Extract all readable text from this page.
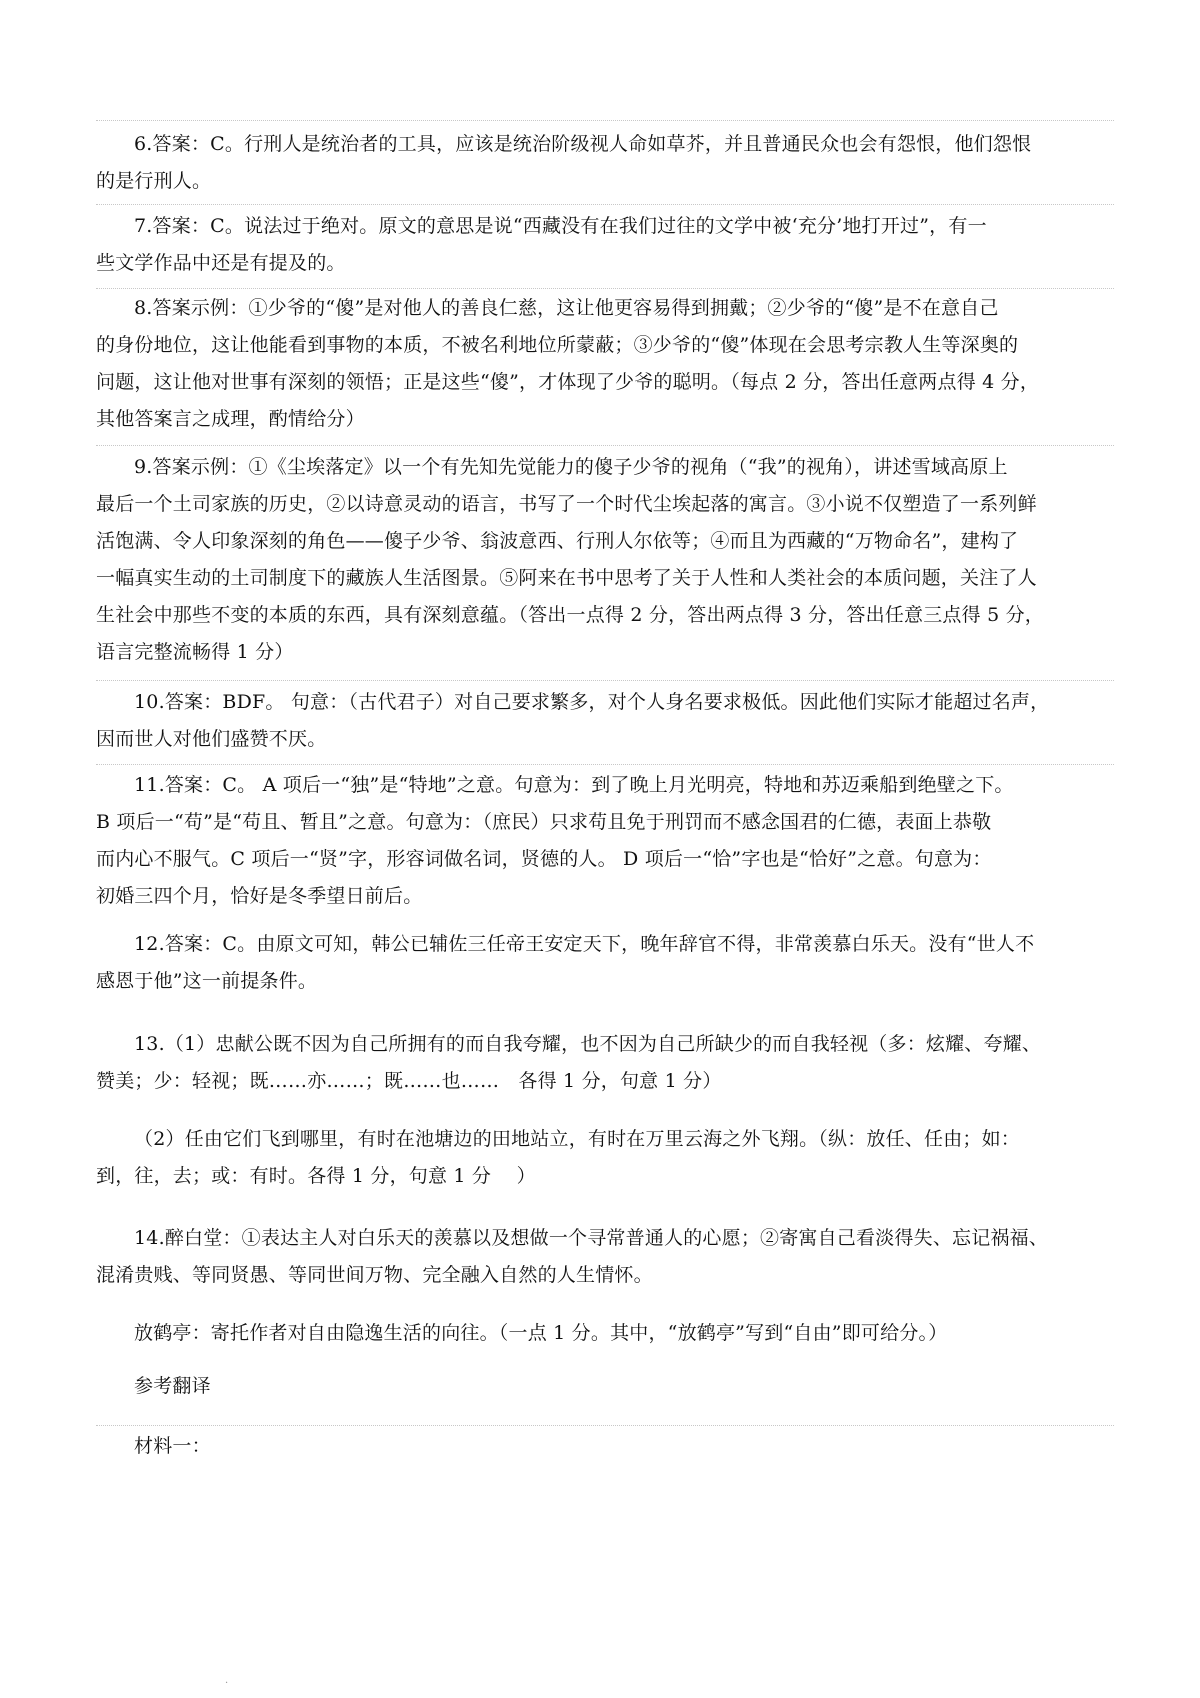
6.答案：C。行刑人是统治者的工具，应该是统治阶级视人命如草芥，并且普通民众也会有怨恨，他们怨恨
的是行刑人。
7.答案：C。说法过于绝对。原文的意思是说“西藏没有在我们过往的文学中被‘充分’地打开过”，有一
些文学作品中还是有提及的。
8.答案示例：①少爷的“傻”是对他人的善良仁慈，这让他更容易得到拥戴；②少爷的“傻”是不在意自己
的身份地位，这让他能看到事物的本质，不被名利地位所蒙蔽；③少爷的“傻”体现在会思考宗教人生等深奥的
问题，这让他对世事有深刻的领悟；正是这些“傻”，才体现了少爷的聪明。（每点 2 分，答出任意两点得 4 分，
其他答案言之成理，酌情给分）
9.答案示例：①《尘埃落定》以一个有先知先觉能力的傻子少爷的视角（“我”的视角），讲述雪域高原上
最后一个土司家族的历史，②以诗意灵动的语言，书写了一个时代尘埃起落的寓言。③小说不仅塑造了一系列鲜
活饱满、令人印象深刻的角色——傻子少爷、翁波意西、行刑人尔依等；④而且为西藏的“万物命名”，建构了
一幅真实生动的土司制度下的藏族人生活图景。⑤阿来在书中思考了关于人性和人类社会的本质问题，关注了人
生社会中那些不变的本质的东西，具有深刻意蕴。（答出一点得 2 分，答出两点得 3 分，答出任意三点得 5 分，
语言完整流畅得 1 分）
10.答案：BDF。 句意：（古代君子）对自己要求繁多，对个人身名要求极低。因此他们实际才能超过名声，
因而世人对他们盛赞不厌。
11.答案：C。 A 项后一“独”是“特地”之意。句意为：到了晚上月光明亮，特地和苏迈乘船到绝壁之下。
B 项后一“苟”是“苟且、暂且”之意。句意为：（庶民）只求苟且免于刑罚而不感念国君的仁德，表面上恭敬
而内心不服气。C 项后一“贤”字，形容词做名词，贤德的人。 D 项后一“恰”字也是“恰好”之意。句意为：
初婚三四个月，恰好是冬季望日前后。
12.答案：C。由原文可知，韩公已辅佐三任帝王安定天下，晚年辞官不得，非常羡慕白乐天。没有“世人不
感恩于他”这一前提条件。
13.（1）忠献公既不因为自己所拥有的而自我夸耀，也不因为自己所缺少的而自我轻视（多：炫耀、夸耀、
赞美；少：轻视；既……亦……；既……也……　各得 1 分，句意 1 分）
（2）任由它们飞到哪里，有时在池塘边的田地站立，有时在万里云海之外飞翔。（纵：放任、任由；如：
到，往，去；或：有时。各得 1 分，句意 1 分　 ）
14.醉白堂：①表达主人对白乐天的羡慕以及想做一个寻常普通人的心愿；②寄寓自己看淡得失、忘记祸福、
混淆贵贱、等同贤愚、等同世间万物、完全融入自然的人生情怀。
放鹤亭：寄托作者对自由隐逸生活的向往。（一点 1 分。其中，“放鹤亭”写到“自由”即可给分。）
参考翻译
材料一：
·
